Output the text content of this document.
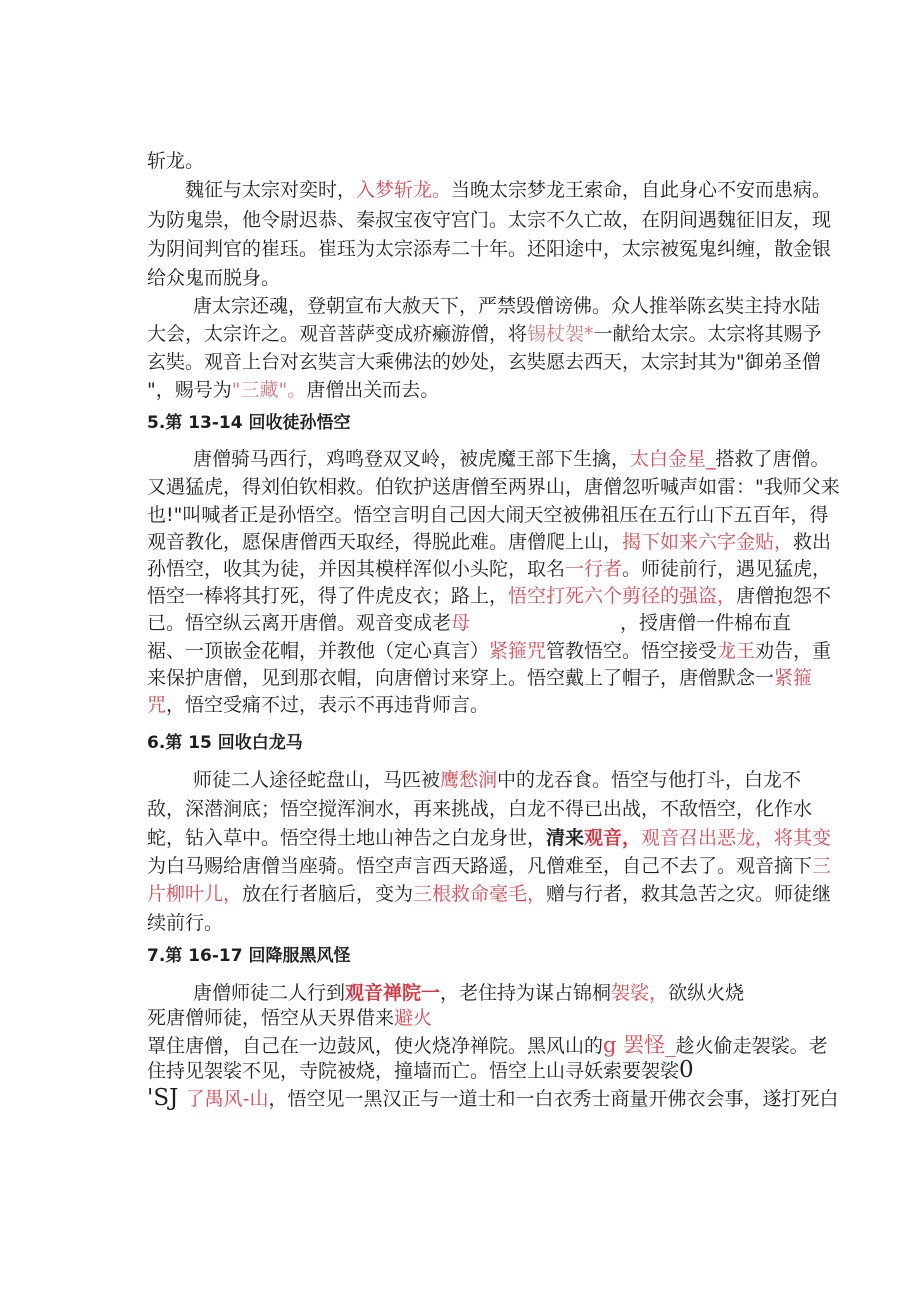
斩龙。
魏征与太宗对奕时，入梦斩龙。当晚太宗梦龙王索命，自此身心不安而患病。
为防鬼祟，他令尉迟恭、秦叔宝夜守宫门。太宗不久亡故，在阴间遇魏征旧友，现
为阴间判官的崔珏。崔珏为太宗添寿二十年。还阳途中，太宗被冤鬼纠缠，散金银
给众鬼而脱身。
唐太宗还魂，登朝宣布大赦天下，严禁毁僧谤佛。众人推举陈玄奘主持水陆
大会，太宗许之。观音菩萨变成疥癞游僧，将锡杖袈*一献给太宗。太宗将其赐予
玄奘。观音上台对玄奘言大乘佛法的妙处，玄奘愿去西天，太宗封其为"御弟圣僧
"，赐号为"三藏"。唐僧出关而去。
5.第 13-14 回收徒孙悟空
唐僧骑马西行，鸡鸣登双叉岭，被虎魔王部下生擒，太白金星_搭救了唐僧。
又遇猛虎，得刘伯钦相救。伯钦护送唐僧至两界山，唐僧忽听喊声如雷："我师父来
也!"叫喊者正是孙悟空。悟空言明自己因大闹天空被佛祖压在五行山下五百年，得
观音教化，愿保唐僧西天取经，得脱此难。唐僧爬上山，揭下如来六字金贴，救出
孙悟空，收其为徒，并因其模样浑似小头陀，取名一行者。师徒前行，遇见猛虎，
悟空一棒将其打死，得了件虎皮衣；路上，悟空打死六个剪径的强盗，唐僧抱怨不
已。悟空纵云离开唐僧。观音变成老母	，授唐僧一件棉布直
裾、一顶嵌金花帽，并教他（定心真言）紧箍咒管教悟空。悟空接受龙王劝告，重
来保护唐僧，见到那衣帽，向唐僧讨来穿上。悟空戴上了帽子，唐僧默念一紧箍
咒，悟空受痛不过，表示不再违背师言。
6.第 15 回收白龙马
师徒二人途径蛇盘山，马匹被鹰愁涧中的龙吞食。悟空与他打斗，白龙不
敌，深潜涧底；悟空搅浑涧水，再来挑战，白龙不得已出战，不敌悟空，化作水
蛇，钻入草中。悟空得土地山神告之白龙身世，清来观音，观音召出恶龙，将其变
为白马赐给唐僧当座骑。悟空声言西天路遥，凡僧难至，自己不去了。观音摘下三
片柳叶儿，放在行者脑后，变为三根救命毫毛，赠与行者，救其急苦之灾。师徒继
续前行。
7.第 16-17 回降服黑风怪
唐僧师徒二人行到观音禅院一，老住持为谋占锦桐袈裟，欲纵火烧
死唐僧师徒，悟空从天界借来避火
罩住唐僧，自己在一边鼓风，使火烧净禅院。黑风山的g 罢怪_趁火偷走袈裟。老
住持见袈裟不见，寺院被烧，撞墙而亡。悟空上山寻妖索要袈裟0
'SJ 了禺风-山，悟空见一黑汉正与一道士和一白衣秀士商量开佛衣会事，遂打死白
